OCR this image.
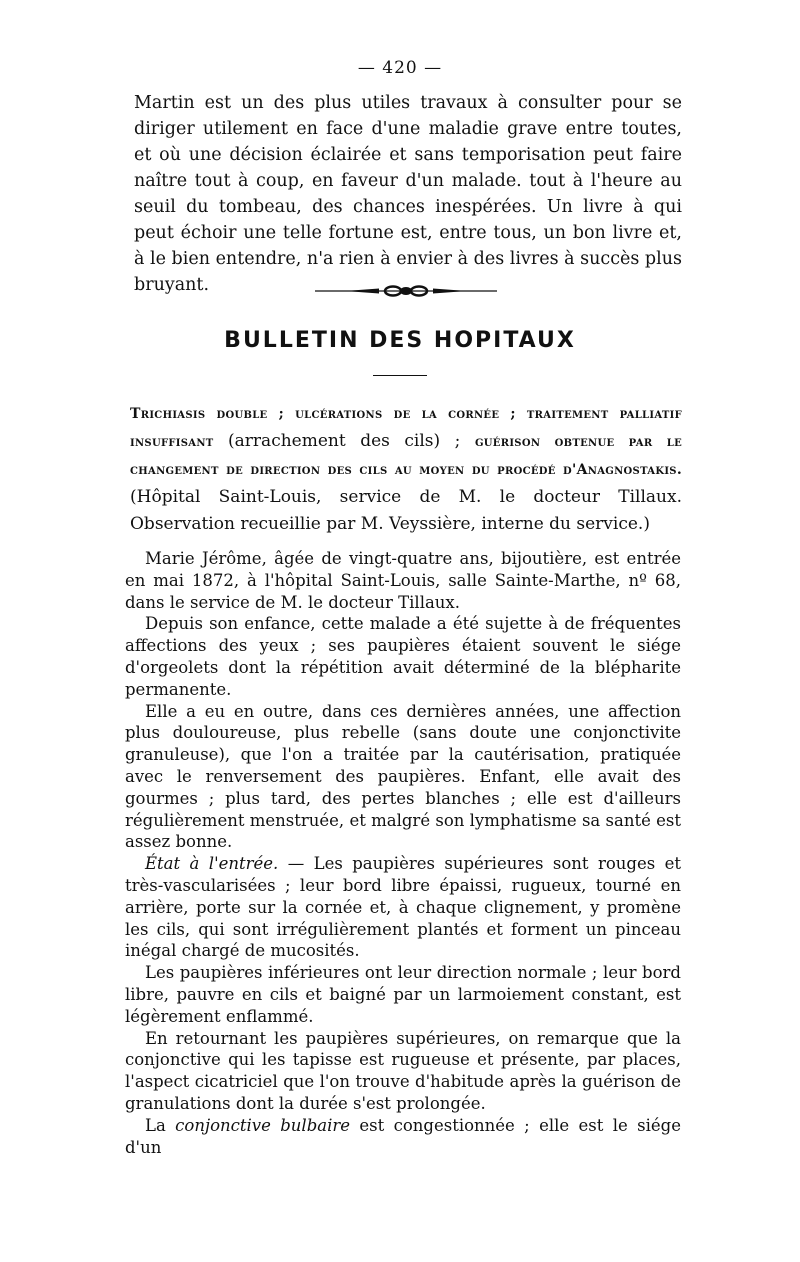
— 420 —

Martin est un des plus utiles travaux à consulter pour se diriger utilement en face d'une maladie grave entre toutes, et où une décision éclairée et sans temporisation peut faire naître tout à coup, en faveur d'un malade. tout à l'heure au seuil du tombeau, des chances inespérées. Un livre à qui peut échoir une telle fortune est, entre tous, un bon livre et, à le bien entendre, n'a rien à envier à des livres à succès plus bruyant.

BULLETIN DES HOPITAUX

Trichiasis double ; ulcérations de la cornée ; traitement palliatif insuffisant (arrachement des cils) ; guérison obtenue par le changement de direction des cils au moyen du procédé d'Anagnostakis. (Hôpital Saint-Louis, service de M. le docteur Tillaux. Observation recueillie par M. Veyssière, interne du service.)

Marie Jérôme, âgée de vingt-quatre ans, bijoutière, est entrée en mai 1872, à l'hôpital Saint-Louis, salle Sainte-Marthe, nº 68, dans le service de M. le docteur Tillaux.

Depuis son enfance, cette malade a été sujette à de fréquentes affections des yeux ; ses paupières étaient souvent le siége d'orgeolets dont la répétition avait déterminé de la blépharite permanente.

Elle a eu en outre, dans ces dernières années, une affection plus douloureuse, plus rebelle (sans doute une conjonctivite granuleuse), que l'on a traitée par la cautérisation, pratiquée avec le renversement des paupières. Enfant, elle avait des gourmes ; plus tard, des pertes blanches ; elle est d'ailleurs régulièrement menstruée, et malgré son lymphatisme sa santé est assez bonne.

État à l'entrée. — Les paupières supérieures sont rouges et très-vascularisées ; leur bord libre épaissi, rugueux, tourné en arrière, porte sur la cornée et, à chaque clignement, y promène les cils, qui sont irrégulièrement plantés et forment un pinceau inégal chargé de mucosités.

Les paupières inférieures ont leur direction normale ; leur bord libre, pauvre en cils et baigné par un larmoiement constant, est légèrement enflammé.

En retournant les paupières supérieures, on remarque que la conjonctive qui les tapisse est rugueuse et présente, par places, l'aspect cicatriciel que l'on trouve d'habitude après la guérison de granulations dont la durée s'est prolongée.

La conjonctive bulbaire est congestionnée ; elle est le siége d'un
